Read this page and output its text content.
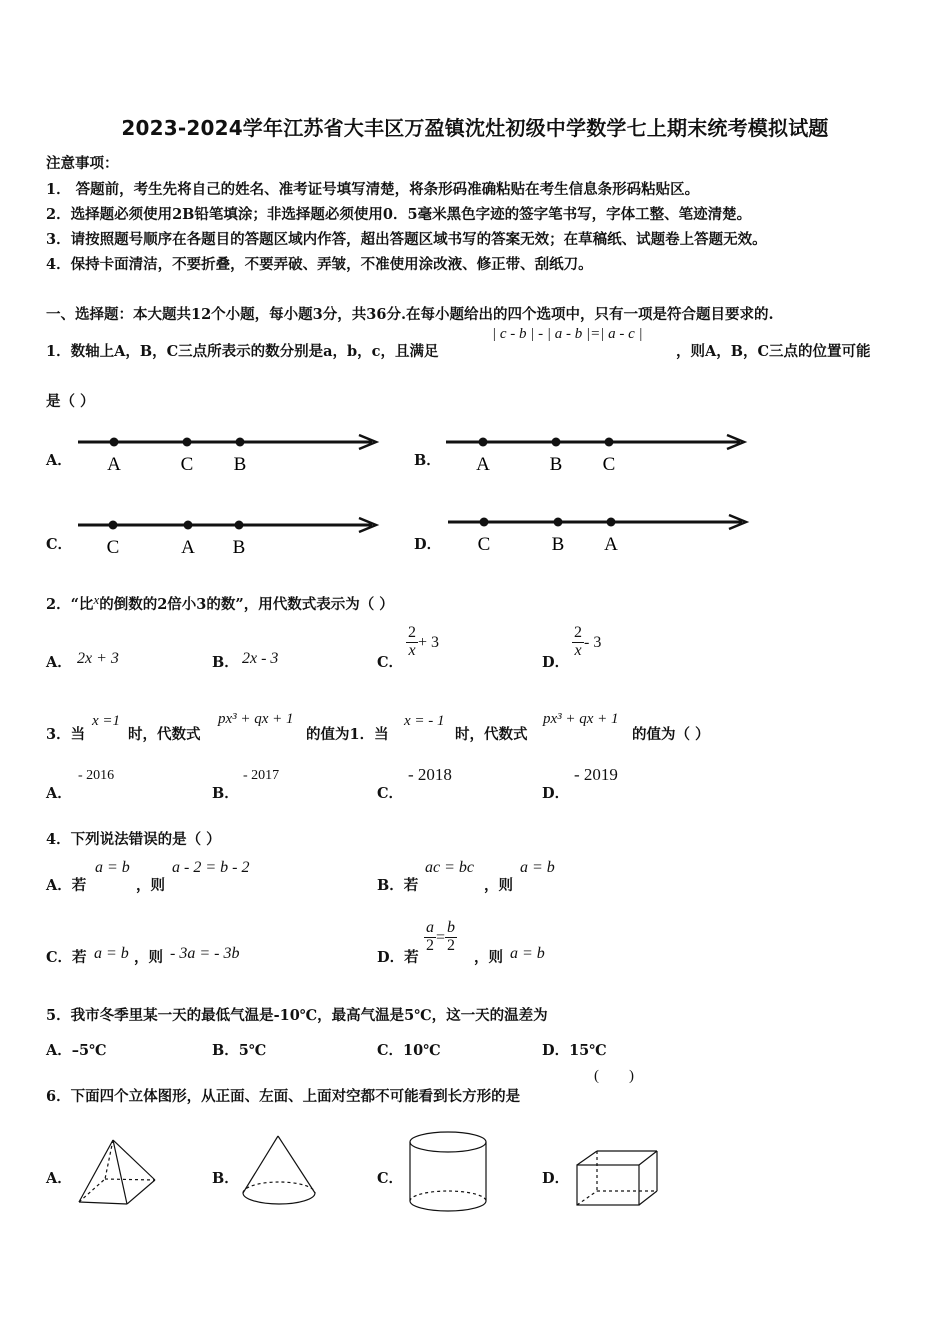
2023-2024学年江苏省大丰区万盈镇沈灶初级中学数学七上期末统考模拟试题
注意事项：
1． 答题前，考生先将自己的姓名、准考证号填写清楚，将条形码准确粘贴在考生信息条形码粘贴区。
2．选择题必须使用2B铅笔填涂；非选择题必须使用0．5毫米黑色字迹的签字笔书写，字体工整、笔迹清楚。
3．请按照题号顺序在各题目的答题区域内作答，超出答题区域书写的答案无效；在草稿纸、试题卷上答题无效。
4．保持卡面清洁，不要折叠，不要弄破、弄皱，不准使用涂改液、修正带、刮纸刀。
一、选择题：本大题共12个小题，每小题3分，共36分.在每小题给出的四个选项中，只有一项是符合题目要求的.
1．数轴上A，B，C三点所表示的数分别是a，b，c，且满足
| c - b | - | a - b |=| a - c |
，则A，B，C三点的位置可能
是（ ）
A．	B．
C．	D．
A	C B	A	B C
C	A B	C	B A
2．“比x的倒数的2倍小3的数”，用代数式表示为（ ）
A． 2x + 3	B． 2x - 3	C．
$\frac{2}{x} + 3$
D．
$\frac{2}{x} - 3$
3．当
x =1
时，代数式
px³ + qx + 1
的值为1．当
x = - 1
时，代数式
px³ + qx + 1
的值为（ ）
A．
- 2016
B．
- 2017
C．
- 2018
D．
- 2019
4．下列说法错误的是（ ）
A．若
a = b
，则
a - 2 = b - 2
B．若
ac = bc
，则
a = b
C．若 a = b ，则 - 3a = - 3b	D．若
$\frac{a}{2} = \frac{b}{2}$
，则 a = b
5．我市冬季里某一天的最低气温是-10℃，最高气温是5℃，这一天的温差为
A．–5℃	B．5℃	C．10℃	D．15℃
6．下面四个立体图形，从正面、左面、上面对空都不可能看到长方形的是
(        )
A．	B．	C．	D．
